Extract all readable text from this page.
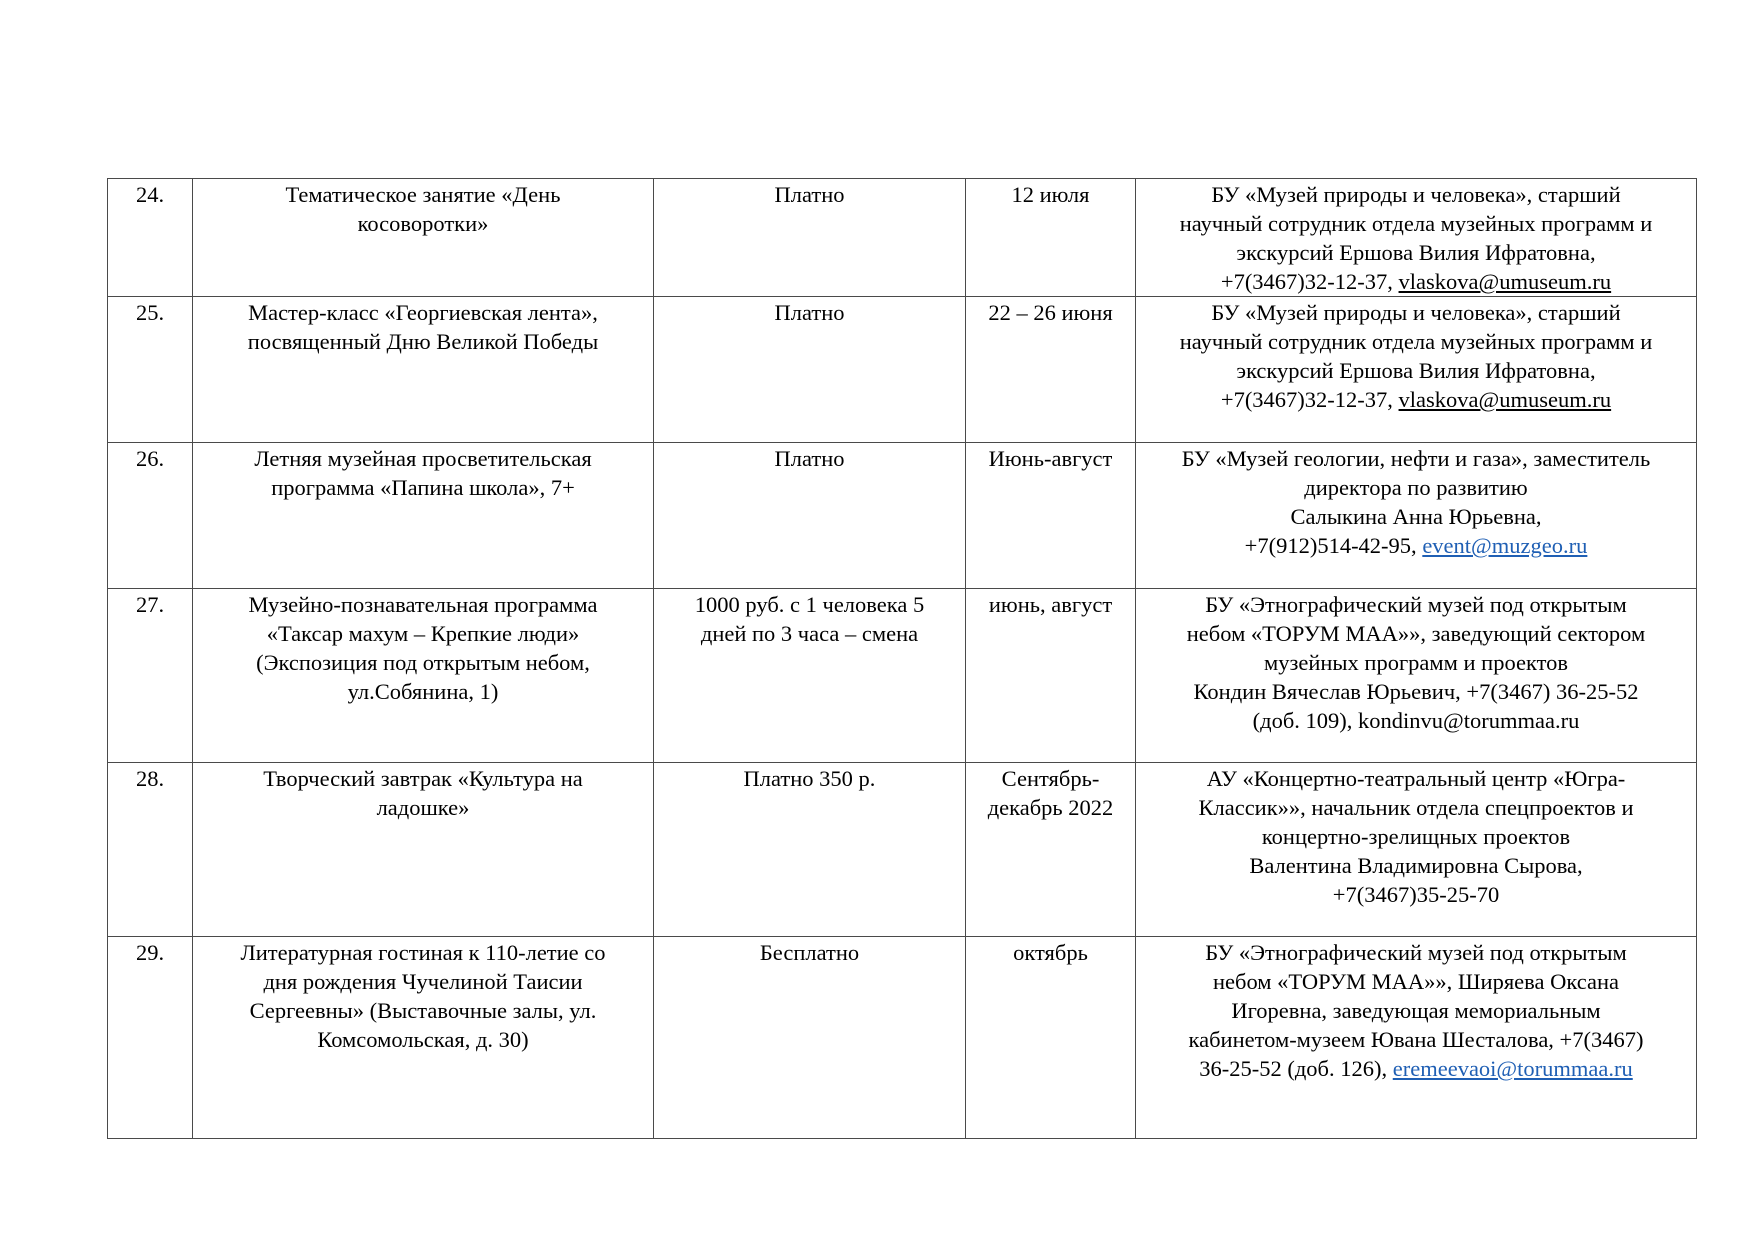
24.	Тематическое занятие «День
косоворотки»	Платно	12 июля	БУ «Музей природы и человека», старший
научный сотрудник отдела музейных программ и
экскурсий Ершова Вилия Ифратовна,
+7(3467)32-12-37, vlaskova@umuseum.ru
25.	Мастер-класс «Георгиевская лента»,
посвященный Дню Великой Победы	Платно	22 – 26 июня	БУ «Музей природы и человека», старший
научный сотрудник отдела музейных программ и
экскурсий Ершова Вилия Ифратовна,
+7(3467)32-12-37, vlaskova@umuseum.ru
26.	Летняя музейная просветительская
программа «Папина школа», 7+	Платно	Июнь-август	БУ «Музей геологии, нефти и газа», заместитель
директора по развитию
Салыкина Анна Юрьевна,
+7(912)514-42-95, event@muzgeo.ru
27.	Музейно-познавательная программа
«Таксар махум – Крепкие люди»
(Экспозиция под открытым небом,
ул.Собянина, 1)	1000 руб. с 1 человека 5
дней по 3 часа – смена	июнь, август	БУ «Этнографический музей под открытым
небом «ТОРУМ МАА»», заведующий сектором
музейных программ и проектов
Кондин Вячеслав Юрьевич, +7(3467) 36-25-52
(доб. 109), kondinvu@torummaa.ru
28.	Творческий завтрак «Культура на
ладошке»	Платно 350 р.	Сентябрь-
декабрь 2022	АУ «Концертно-театральный центр «Югра-
Классик»», начальник отдела спецпроектов и
концертно-зрелищных проектов
Валентина Владимировна Сырова,
+7(3467)35-25-70
29.	Литературная гостиная к 110-летие со
дня рождения Чучелиной Таисии
Сергеевны» (Выставочные залы, ул.
Комсомольская, д. 30)	Бесплатно	октябрь	БУ «Этнографический музей под открытым
небом «ТОРУМ МАА»», Ширяева Оксана
Игоревна, заведующая мемориальным
кабинетом-музеем Ювана Шесталова, +7(3467)
36-25-52 (доб. 126), eremeevaoi@torummaa.ru
